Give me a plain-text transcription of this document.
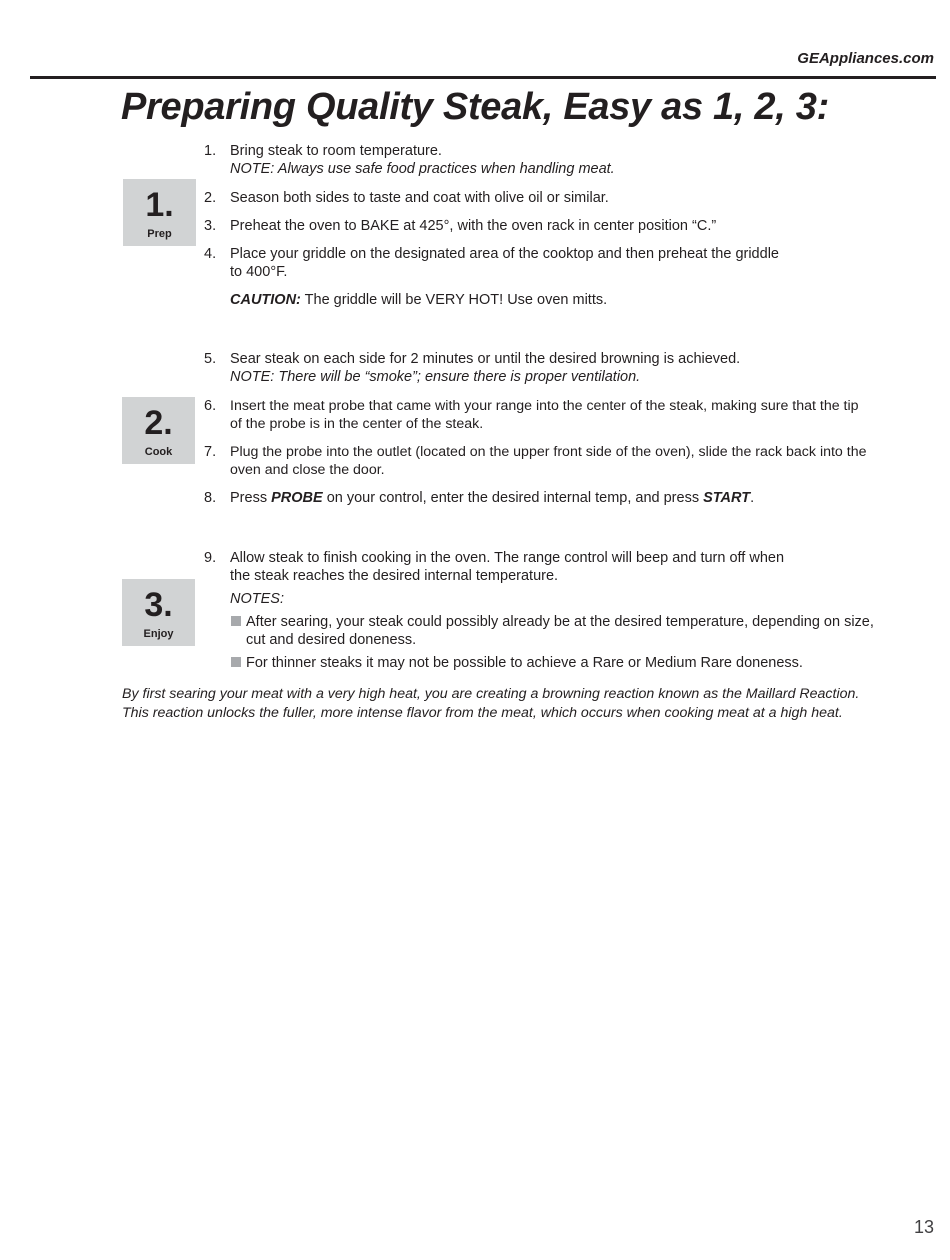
GEAppliances.com
Preparing Quality Steak, Easy as 1, 2, 3:
1.
Prep
2.
Cook
3.
Enjoy
1. Bring steak to room temperature.
NOTE: Always use safe food practices when handling meat.
2. Season both sides to taste and coat with olive oil or similar.
3. Preheat the oven to BAKE at 425°, with the oven rack in center position “C.”
4. Place your griddle on the designated area of the cooktop and then preheat the griddle
to 400°F.
CAUTION: The griddle will be VERY HOT! Use oven mitts.
5. Sear steak on each side for 2 minutes or until the desired browning is achieved.
NOTE: There will be “smoke”; ensure there is proper ventilation.
6. Insert the meat probe that came with your range into the center of the steak, making sure that the tip
of the probe is in the center of the steak.
7. Plug the probe into the outlet (located on the upper front side of the oven), slide the rack back into the
oven and close the door.
8. Press PROBE on your control, enter the desired internal temp, and press START.
9. Allow steak to finish cooking in the oven. The range control will beep and turn off when
the steak reaches the desired internal temperature.
NOTES:
After searing, your steak could possibly already be at the desired temperature, depending on size,
cut and desired doneness.
For thinner steaks it may not be possible to achieve a Rare or Medium Rare doneness.
By first searing your meat with a very high heat, you are creating a browning reaction known as the Maillard Reaction.
This reaction unlocks the fuller, more intense flavor from the meat, which occurs when cooking meat at a high heat.
13
